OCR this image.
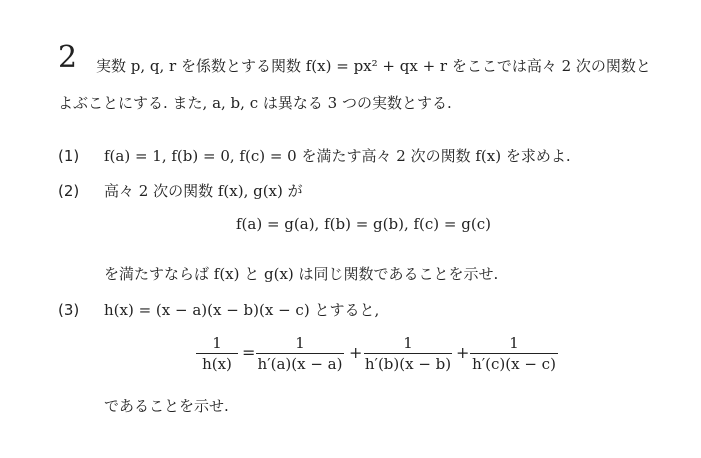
2 実数 p, q, r を係数とする関数 f(x) = px² + qx + r をここでは高々 2 次の関数と
よぶことにする. また, a, b, c は異なる 3 つの実数とする.
(1) f(a) = 1, f(b) = 0, f(c) = 0 を満たす高々 2 次の関数 f(x) を求めよ.
(2) 高々 2 次の関数 f(x), g(x) が
f(a) = g(a), f(b) = g(b), f(c) = g(c)
を満たすならば f(x) と g(x) は同じ関数であることを示せ.
(3) h(x) = (x − a)(x − b)(x − c) とすると,
1
h(x)
=	1
h′(a)(x − a)
+	1
h′(b)(x − b)
+	1
h′(c)(x − c)
であることを示せ.
